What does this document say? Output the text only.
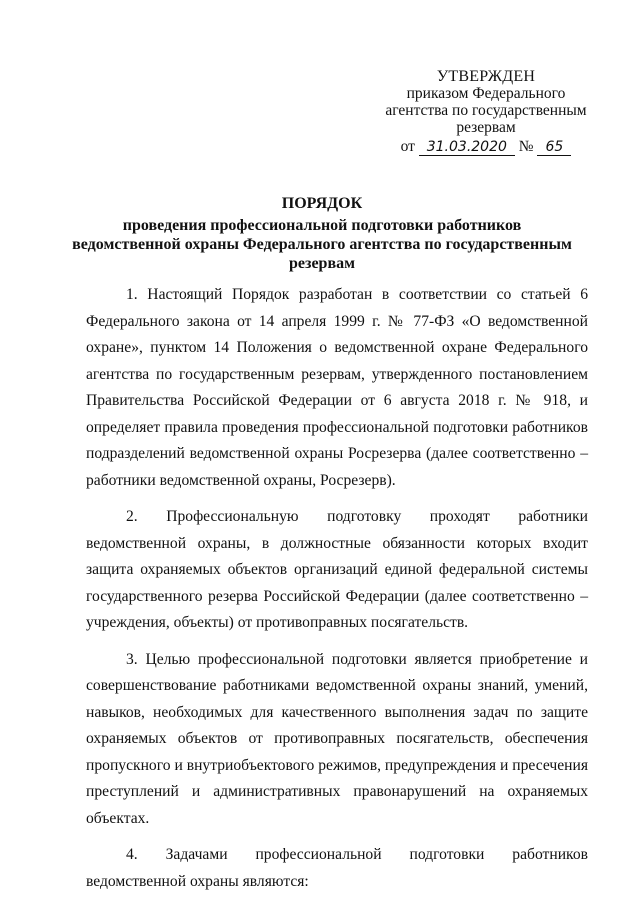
УТВЕРЖДЕН
приказом Федерального
агентства по государственным
резервам
от 31.03.2020 № 65
ПОРЯДОК
проведения профессиональной подготовки работников ведомственной охраны Федерального агентства по государственным резервам

1. Настоящий Порядок разработан в соответствии со статьей 6 Федерального закона от 14 апреля 1999 г. № 77-ФЗ «О ведомственной охране», пунктом 14 Положения о ведомственной охране Федерального агентства по государственным резервам, утвержденного постановлением Правительства Российской Федерации от 6 августа 2018 г. № 918, и определяет правила проведения профессиональной подготовки работников подразделений ведомственной охраны Росрезерва (далее соответственно – работники ведомственной охраны, Росрезерв).

2. Профессиональную подготовку проходят работники ведомственной охраны, в должностные обязанности которых входит защита охраняемых объектов организаций единой федеральной системы государственного резерва Российской Федерации (далее соответственно – учреждения, объекты) от противоправных посягательств.

3. Целью профессиональной подготовки является приобретение и совершенствование работниками ведомственной охраны знаний, умений, навыков, необходимых для качественного выполнения задач по защите охраняемых объектов от противоправных посягательств, обеспечения пропускного и внутриобъектового режимов, предупреждения и пресечения преступлений и административных правонарушений на охраняемых объектах.

4. Задачами профессиональной подготовки работников ведомственной охраны являются:
